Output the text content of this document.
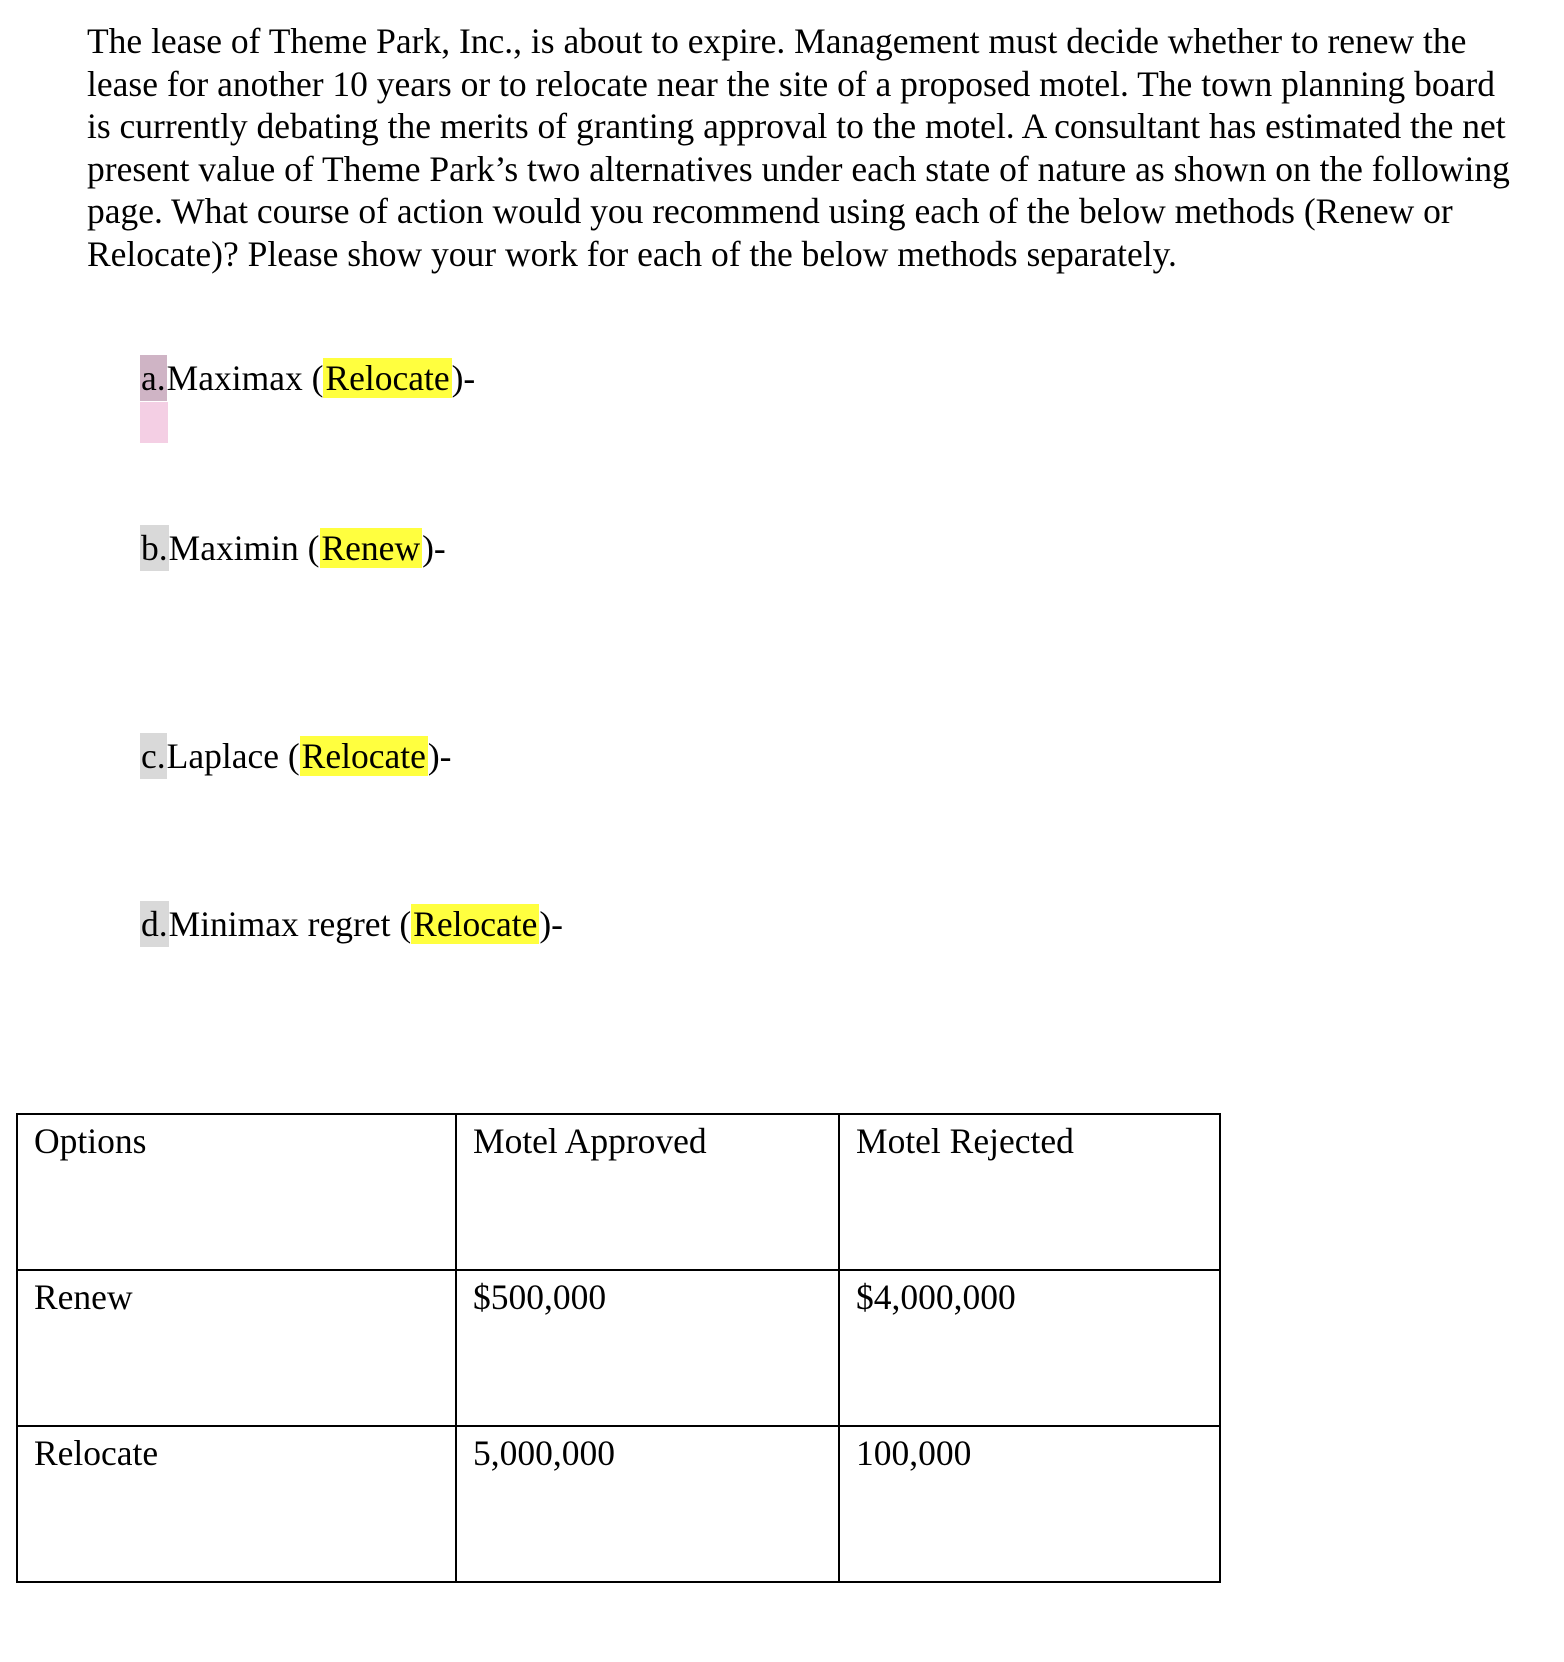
The lease of Theme Park, Inc., is about to expire. Management must decide whether to renew the lease for another 10 years or to relocate near the site of a proposed motel. The town planning board is currently debating the merits of granting approval to the motel. A consultant has estimated the net present value of Theme Park’s two alternatives under each state of nature as shown on the following page. What course of action would you recommend using each of the below methods (Renew or Relocate)? Please show your work for each of the below methods separately.

a.Maximax (Relocate)-
b.Maximin (Renew)-
c.Laplace (Relocate)-
d.Minimax regret (Relocate)-
Options	Motel Approved	Motel Rejected
Renew	$500,000	$4,000,000
Relocate	5,000,000	100,000
